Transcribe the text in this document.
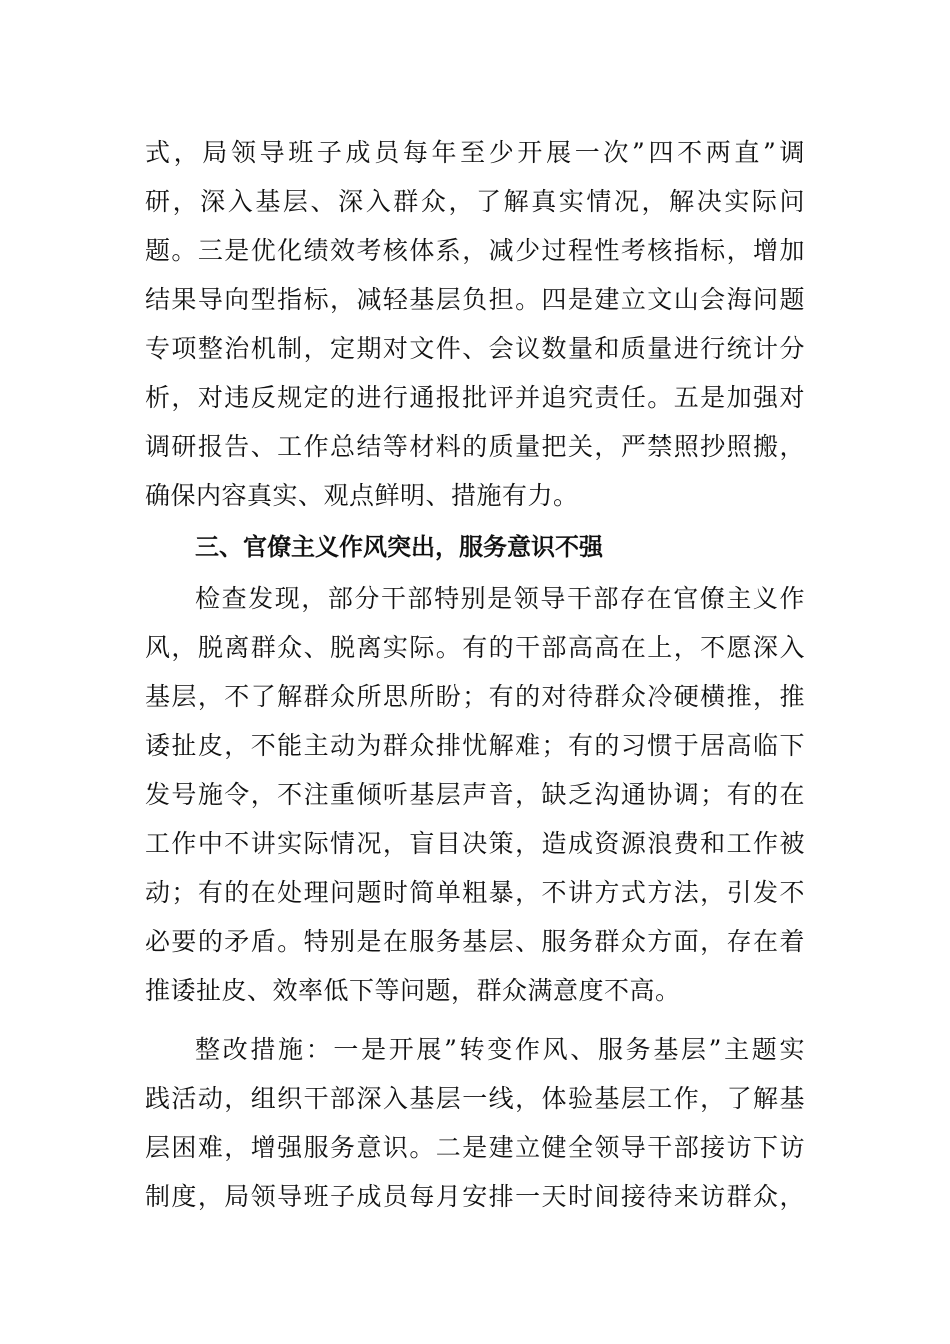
式，局领导班子成员每年至少开展一次”四不两直”调
研，深入基层、深入群众，了解真实情况，解决实际问
题。三是优化绩效考核体系，减少过程性考核指标，增加
结果导向型指标，减轻基层负担。四是建立文山会海问题
专项整治机制，定期对文件、会议数量和质量进行统计分
析，对违反规定的进行通报批评并追究责任。五是加强对
调研报告、工作总结等材料的质量把关，严禁照抄照搬，
确保内容真实、观点鲜明、措施有力。
三、官僚主义作风突出，服务意识不强
检查发现，部分干部特别是领导干部存在官僚主义作
风，脱离群众、脱离实际。有的干部高高在上，不愿深入
基层，不了解群众所思所盼；有的对待群众冷硬横推，推
诿扯皮，不能主动为群众排忧解难；有的习惯于居高临下
发号施令，不注重倾听基层声音，缺乏沟通协调；有的在
工作中不讲实际情况，盲目决策，造成资源浪费和工作被
动；有的在处理问题时简单粗暴，不讲方式方法，引发不
必要的矛盾。特别是在服务基层、服务群众方面，存在着
推诿扯皮、效率低下等问题，群众满意度不高。
整改措施：一是开展”转变作风、服务基层”主题实
践活动，组织干部深入基层一线，体验基层工作，了解基
层困难，增强服务意识。二是建立健全领导干部接访下访
制度，局领导班子成员每月安排一天时间接待来访群众，
